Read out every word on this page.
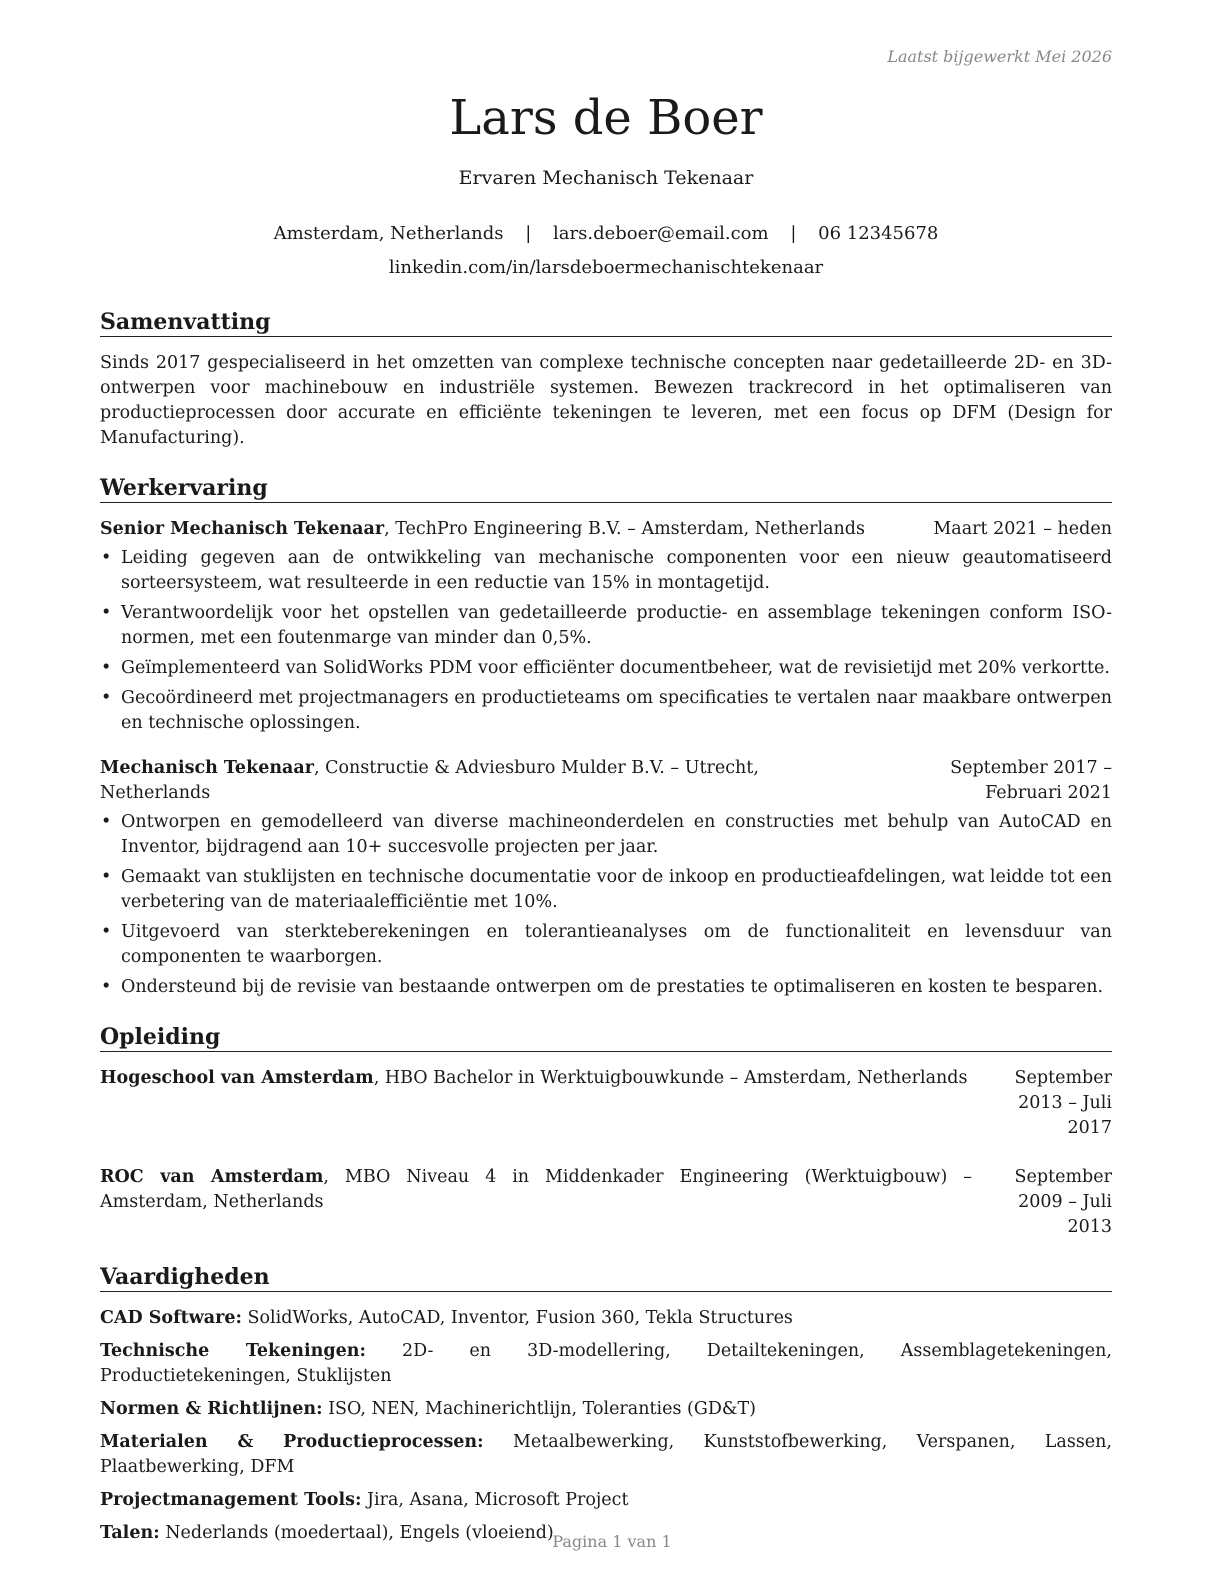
Laatst bijgewerkt Mei 2026
Lars de Boer
Ervaren Mechanisch Tekenaar
Amsterdam, Netherlands | lars.deboer@email.com | 06 12345678
linkedin.com/in/larsdeboermechanischtekenaar
Samenvatting
Sinds 2017 gespecialiseerd in het omzetten van complexe technische concepten naar gedetailleerde 2D- en 3D-ontwerpen voor machinebouw en industriële systemen. Bewezen trackrecord in het optimaliseren van productieprocessen door accurate en efficiënte tekeningen te leveren, met een focus op DFM (Design for Manufacturing).
Werkervaring
Senior Mechanisch Tekenaar, TechPro Engineering B.V. – Amsterdam, Netherlands	Maart 2021 – heden
• Leiding gegeven aan de ontwikkeling van mechanische componenten voor een nieuw geautomatiseerd sorteersysteem, wat resulteerde in een reductie van 15% in montagetijd.
• Verantwoordelijk voor het opstellen van gedetailleerde productie- en assemblage tekeningen conform ISO-normen, met een foutenmarge van minder dan 0,5%.
• Geïmplementeerd van SolidWorks PDM voor efficiënter documentbeheer, wat de revisietijd met 20% verkortte.
• Gecoördineerd met projectmanagers en productieteams om specificaties te vertalen naar maakbare ontwerpen en technische oplossingen.
Mechanisch Tekenaar, Constructie & Adviesburo Mulder B.V. – Utrecht, Netherlands
September 2017 – Februari 2021
• Ontworpen en gemodelleerd van diverse machineonderdelen en constructies met behulp van AutoCAD en Inventor, bijdragend aan 10+ succesvolle projecten per jaar.
• Gemaakt van stuklijsten en technische documentatie voor de inkoop en productieafdelingen, wat leidde tot een verbetering van de materiaalefficiëntie met 10%.
• Uitgevoerd van sterkteberekeningen en tolerantieanalyses om de functionaliteit en levensduur van componenten te waarborgen.
• Ondersteund bij de revisie van bestaande ontwerpen om de prestaties te optimaliseren en kosten te besparen.
Opleiding
Hogeschool van Amsterdam, HBO Bachelor in Werktuigbouwkunde – Amsterdam, Netherlands	September 2013 – Juli 2017
ROC van Amsterdam, MBO Niveau 4 in Middenkader Engineering (Werktuigbouw) – Amsterdam, Netherlands
September 2009 – Juli 2013
Vaardigheden
CAD Software: SolidWorks, AutoCAD, Inventor, Fusion 360, Tekla Structures
Technische Tekeningen: 2D- en 3D-modellering, Detailtekeningen, Assemblagetekeningen, Productietekeningen, Stuklijsten
Normen & Richtlijnen: ISO, NEN, Machinerichtlijn, Toleranties (GD&T)
Materialen & Productieprocessen: Metaalbewerking, Kunststofbewerking, Verspanen, Lassen, Plaatbewerking, DFM
Projectmanagement Tools: Jira, Asana, Microsoft Project
Talen: Nederlands (moedertaal), Engels (vloeiend)
Pagina 1 van 1
